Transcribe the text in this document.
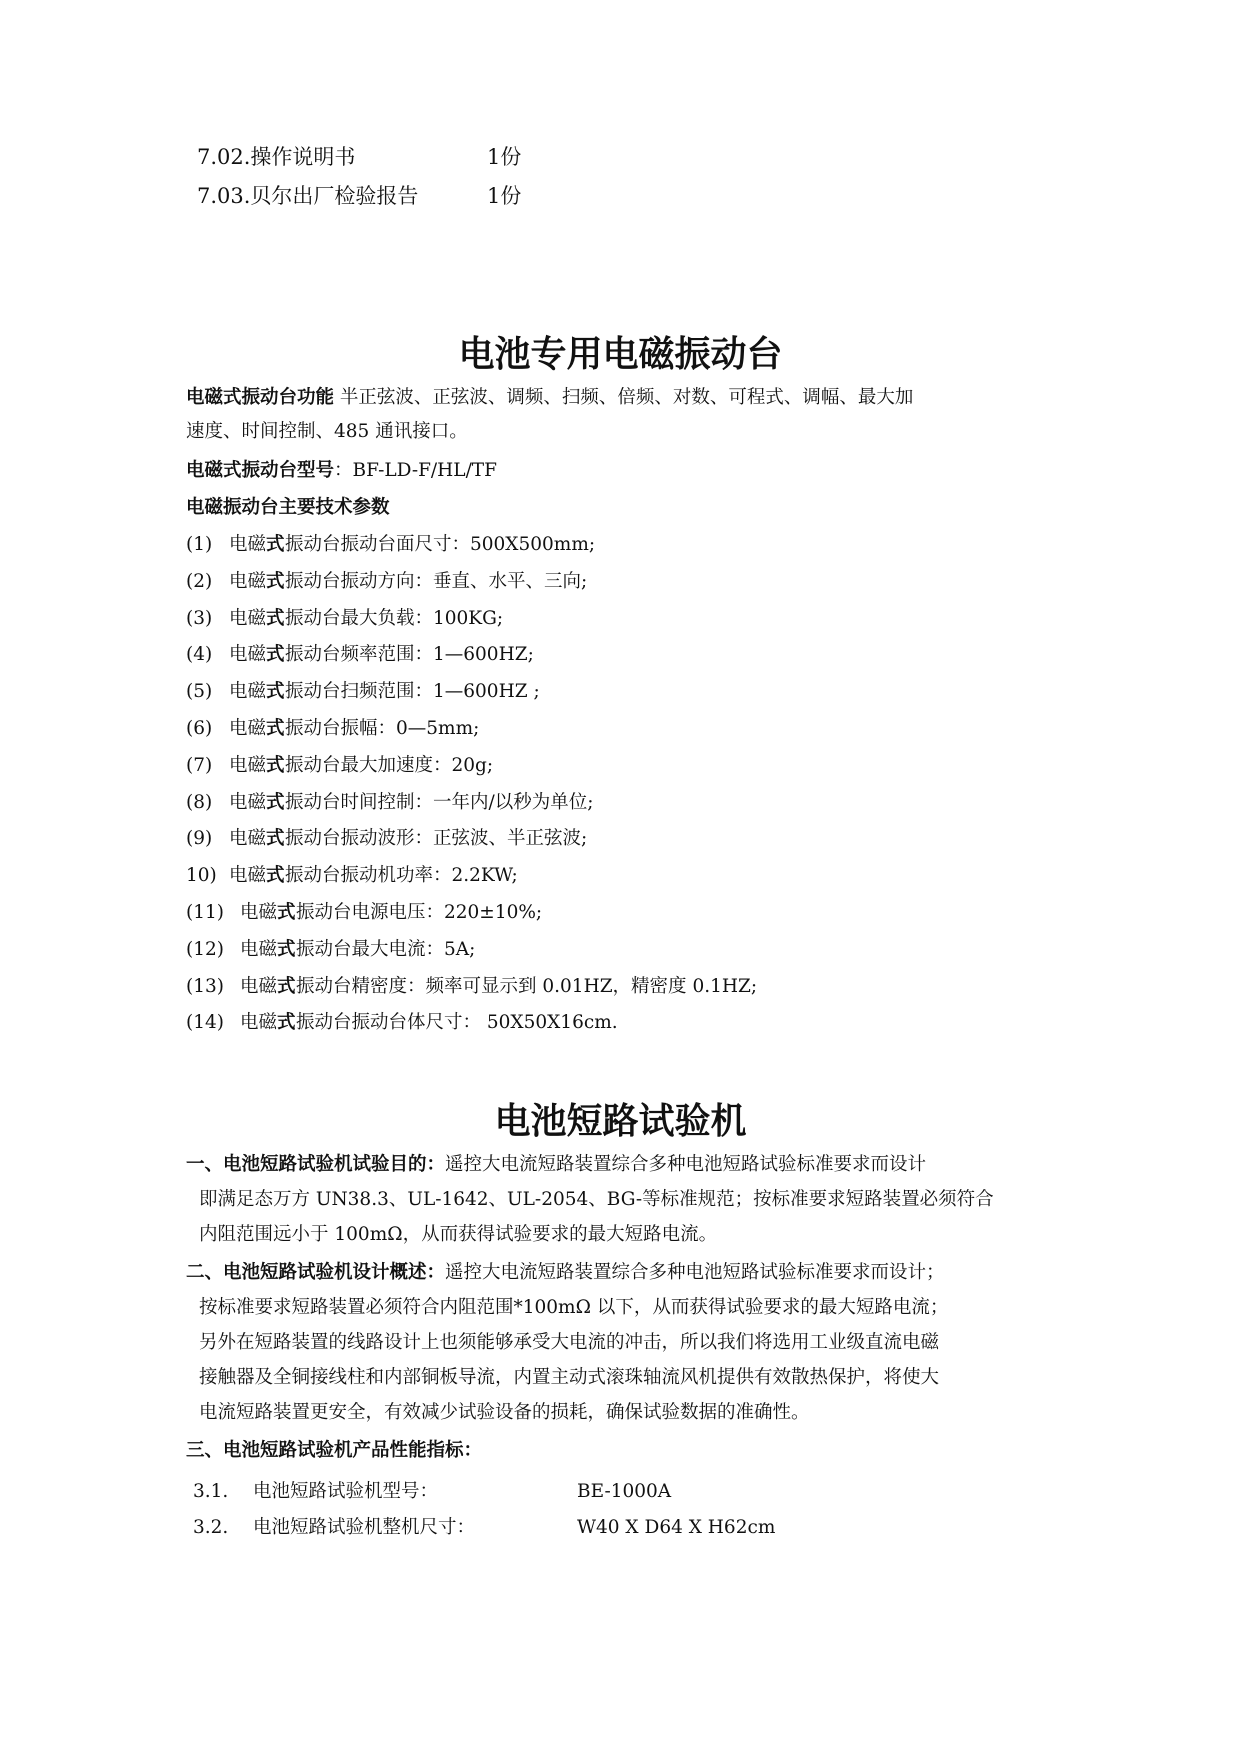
7.02.操作说明书	1份
7.03.贝尔出厂检验报告	1份
电池专用电磁振动台
电磁式振动台功能 半正弦波、正弦波、调频、扫频、倍频、对数、可程式、调幅、最大加
速度、时间控制、485 通讯接口。
电磁式振动台型号：BF-LD-F/HL/TF
电磁振动台主要技术参数
(1) 电磁 式 振动台振动台面尺寸：500X500mm;
(2) 电磁 式 振动台振动方向：垂直、水平、三向;
(3) 电磁 式 振动台最大负载：100KG;
(4) 电磁 式 振动台频率范围：1—600HZ;
(5) 电磁 式 振动台扫频范围：1—600HZ ;
(6) 电磁 式 振动台振幅：0—5mm;
(7) 电磁 式 振动台最大加速度：20g;
(8) 电磁 式 振动台时间控制：一年内/以秒为单位;
(9) 电磁 式 振动台振动波形：正弦波、半正弦波;
10) 电磁 式 振动台振动机功率：2.2KW;
(11) 电磁 式 振动台电源电压：220±10%;
(12) 电磁 式 振动台最大电流：5A;
(13) 电磁 式 振动台精密度：频率可显示到 0.01HZ，精密度 0.1HZ;
(14) 电磁 式 振动台振动台体尺寸： 50X50X16cm.
电池短路试验机
一、电池短路试验机试验目的：遥控大电流短路装置综合多种电池短路试验标准要求而设计
即满足态万方 UN38.3、UL-1642、UL-2054、BG-等标准规范；按标准要求短路装置必须符合
内阻范围远小于 100mΩ，从而获得试验要求的最大短路电流。
二、电池短路试验机设计概述：遥控大电流短路装置综合多种电池短路试验标准要求而设计；
按标准要求短路装置必须符合内阻范围*100mΩ 以下，从而获得试验要求的最大短路电流；
另外在短路装置的线路设计上也须能够承受大电流的冲击，所以我们将选用工业级直流电磁
接触器及全铜接线柱和内部铜板导流，内置主动式滚珠轴流风机提供有效散热保护，将使大
电流短路装置更安全，有效减少试验设备的损耗，确保试验数据的准确性。
三、电池短路试验机产品性能指标：
3.1. 电池短路试验机型号：	BE-1000A
3.2. 电池短路试验机整机尺寸：	W40 X D64 X H62cm
